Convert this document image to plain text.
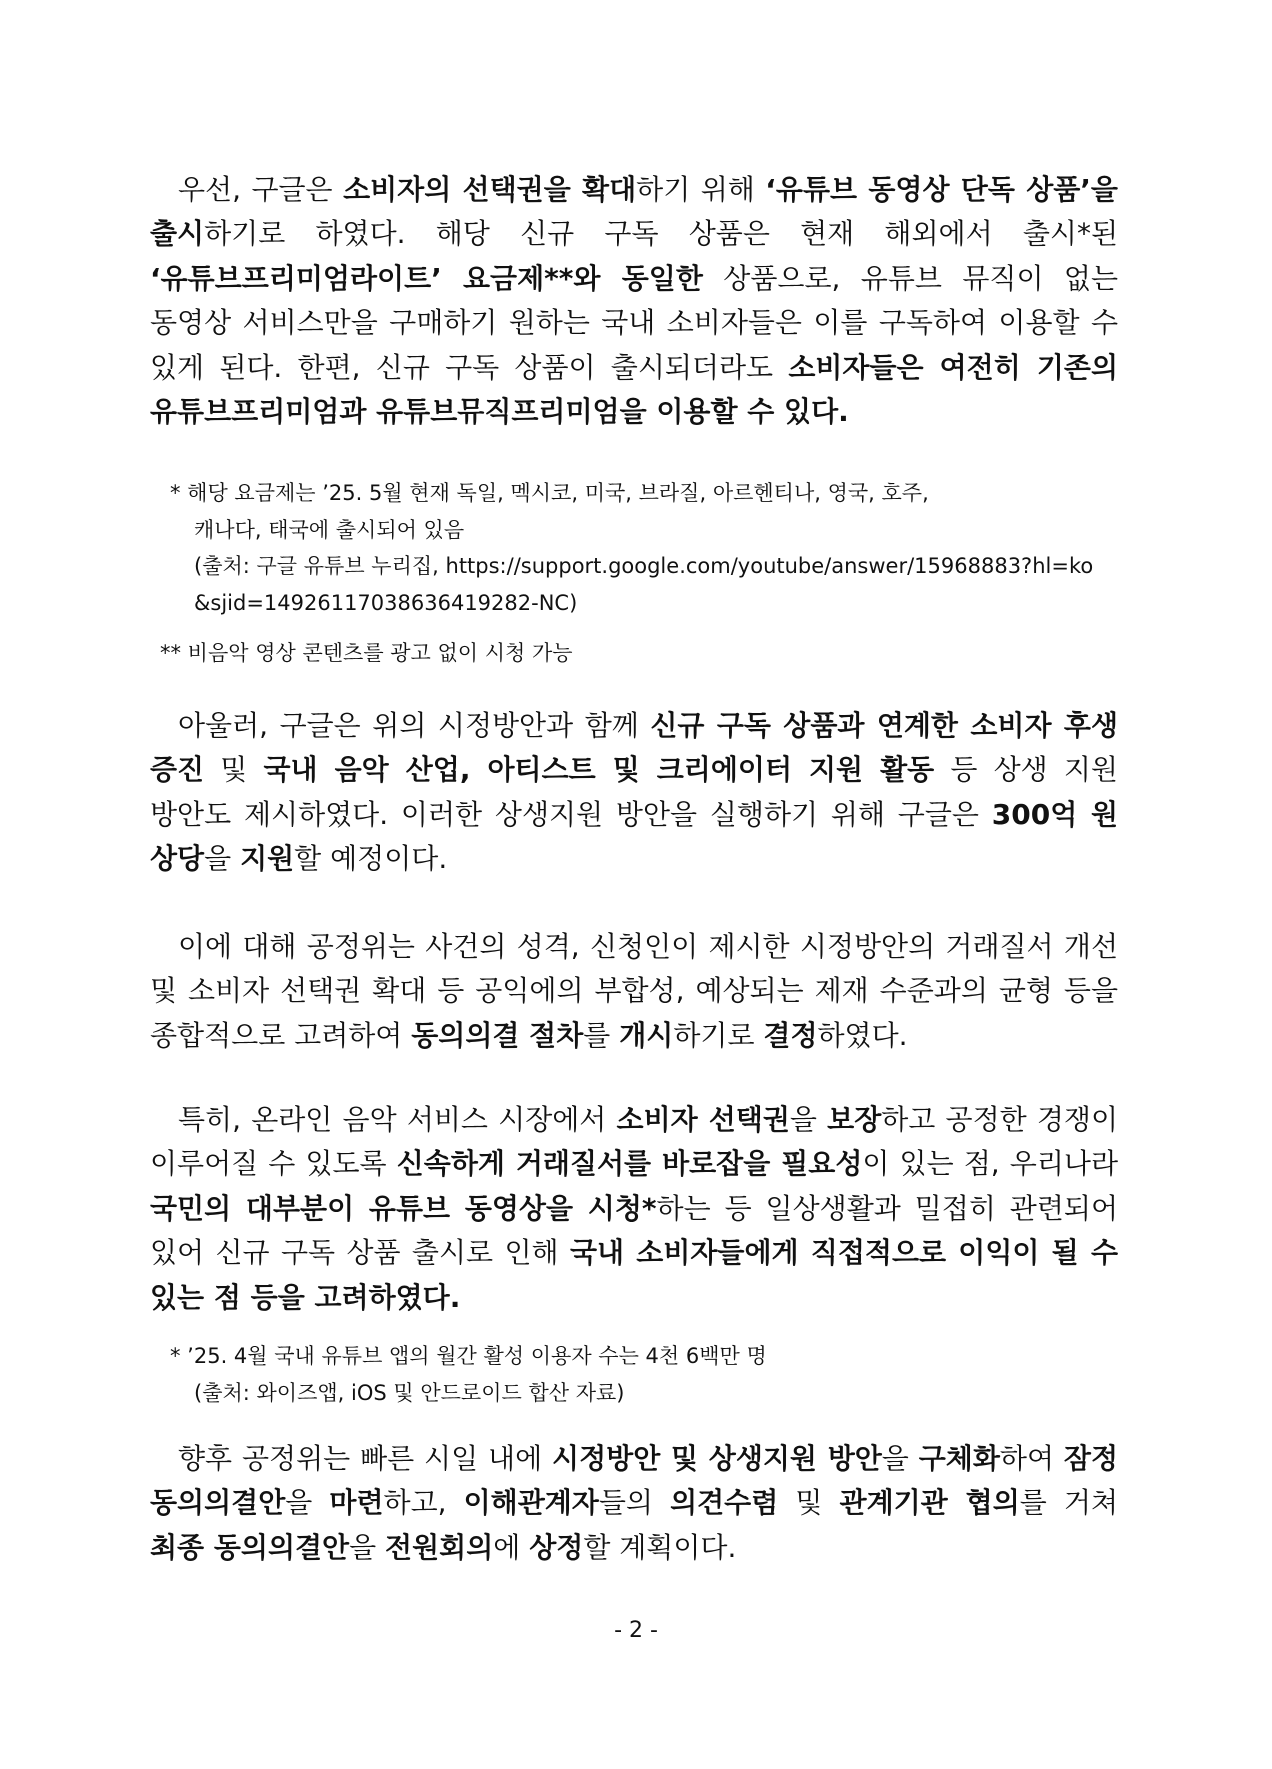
우선, 구글은 소비자의 선택권을 확대하기 위해 ‘유튜브 동영상 단독 상품’을 출시하기로 하였다. 해당 신규 구독 상품은 현재 해외에서 출시*된 ‘유튜브프리미엄라이트’ 요금제**와 동일한 상품으로, 유튜브 뮤직이 없는 동영상 서비스만을 구매하기 원하는 국내 소비자들은 이를 구독하여 이용할 수 있게 된다. 한편, 신규 구독 상품이 출시되더라도 소비자들은 여전히 기존의 유튜브프리미엄과 유튜브뮤직프리미엄을 이용할 수 있다.

* 해당 요금제는 ’25. 5월 현재 독일, 멕시코, 미국, 브라질, 아르헨티나, 영국, 호주,
캐나다, 태국에 출시되어 있음
(출처: 구글 유튜브 누리집, https://support.google.com/youtube/answer/15968883?hl=ko
&sjid=14926117038636419282-NC)
** 비음악 영상 콘텐츠를 광고 없이 시청 가능

아울러, 구글은 위의 시정방안과 함께 신규 구독 상품과 연계한 소비자 후생 증진 및 국내 음악 산업, 아티스트 및 크리에이터 지원 활동 등 상생 지원 방안도 제시하였다. 이러한 상생지원 방안을 실행하기 위해 구글은 300억 원 상당을 지원할 예정이다.

이에 대해 공정위는 사건의 성격, 신청인이 제시한 시정방안의 거래질서 개선 및 소비자 선택권 확대 등 공익에의 부합성, 예상되는 제재 수준과의 균형 등을 종합적으로 고려하여 동의의결 절차를 개시하기로 결정하였다.

특히, 온라인 음악 서비스 시장에서 소비자 선택권을 보장하고 공정한 경쟁이 이루어질 수 있도록 신속하게 거래질서를 바로잡을 필요성이 있는 점, 우리나라 국민의 대부분이 유튜브 동영상을 시청*하는 등 일상생활과 밀접히 관련되어 있어 신규 구독 상품 출시로 인해 국내 소비자들에게 직접적으로 이익이 될 수 있는 점 등을 고려하였다.

* ’25. 4월 국내 유튜브 앱의 월간 활성 이용자 수는 4천 6백만 명
(출처: 와이즈앱, iOS 및 안드로이드 합산 자료)

향후 공정위는 빠른 시일 내에 시정방안 및 상생지원 방안을 구체화하여 잠정 동의의결안을 마련하고, 이해관계자들의 의견수렴 및 관계기관 협의를 거쳐 최종 동의의결안을 전원회의에 상정할 계획이다.

- 2 -
